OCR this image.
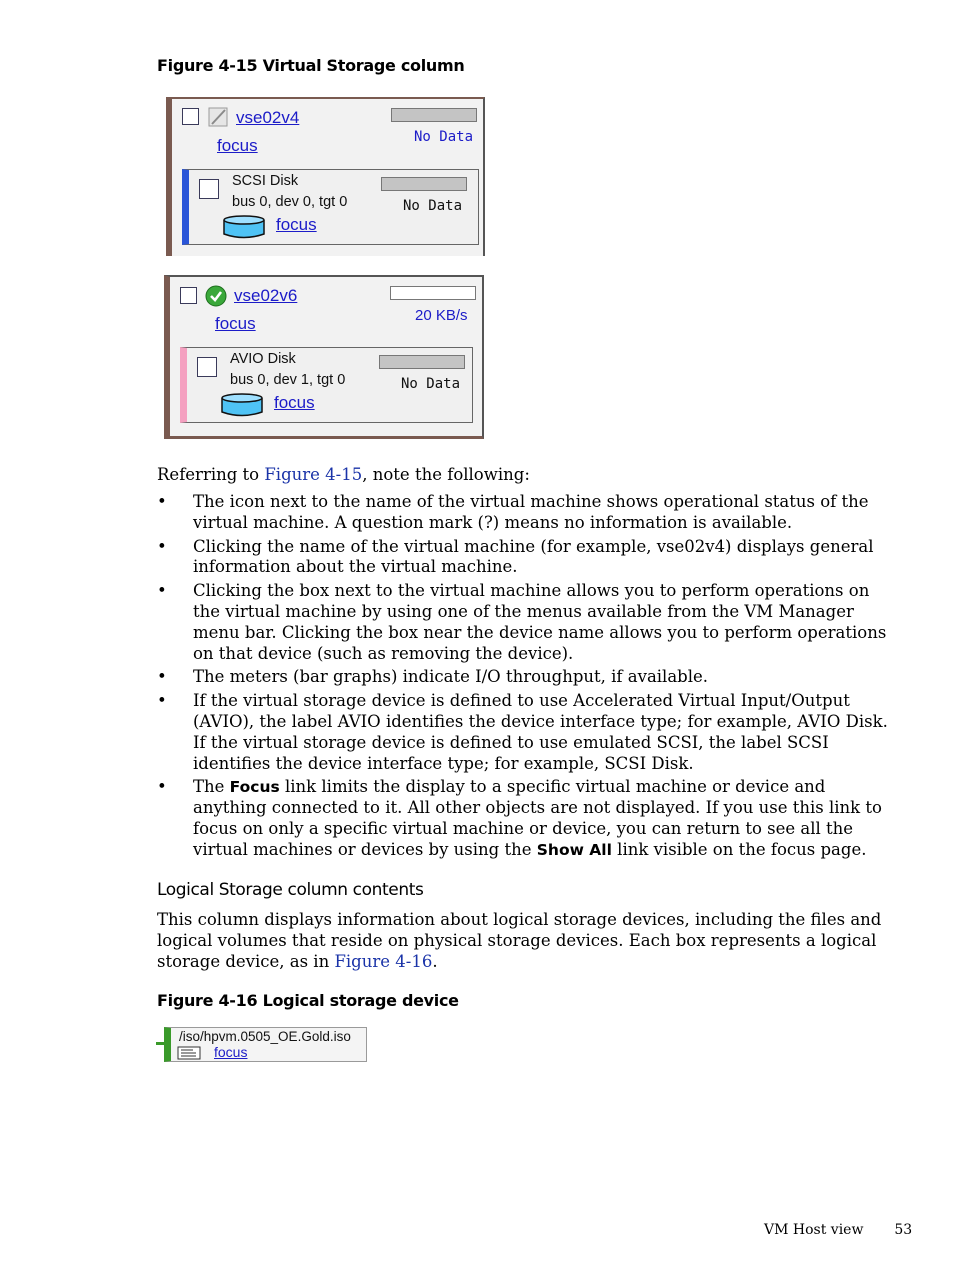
Figure 4-15 Virtual Storage column
vse02v4
focus	No Data
SCSI Disk
bus 0, dev 0, tgt 0
focus
No Data
vse02v6
focus	20 KB/s
AVIO Disk
bus 0, dev 1, tgt 0
focus
No Data
Referring to Figure 4-15, note the following:
• The icon next to the name of the virtual machine shows operational status of the virtual machine. A question mark (?) means no information is available.
• Clicking the name of the virtual machine (for example, vse02v4) displays general information about the virtual machine.
• Clicking the box next to the virtual machine allows you to perform operations on the virtual machine by using one of the menus available from the VM Manager menu bar. Clicking the box near the device name allows you to perform operations on that device (such as removing the device).
• The meters (bar graphs) indicate I/O throughput, if available.
• If the virtual storage device is defined to use Accelerated Virtual Input/Output (AVIO), the label AVIO identifies the device interface type; for example, AVIO Disk. If the virtual storage device is defined to use emulated SCSI, the label SCSI identifies the device interface type; for example, SCSI Disk.
• The Focus link limits the display to a specific virtual machine or device and anything connected to it. All other objects are not displayed. If you use this link to focus on only a specific virtual machine or device, you can return to see all the virtual machines or devices by using the Show All link visible on the focus page.
Logical Storage column contents
This column displays information about logical storage devices, including the files and logical volumes that reside on physical storage devices. Each box represents a logical storage device, as in Figure 4-16.
Figure 4-16 Logical storage device
/iso/hpvm.0505_OE.Gold.iso
focus
VM Host view 53
